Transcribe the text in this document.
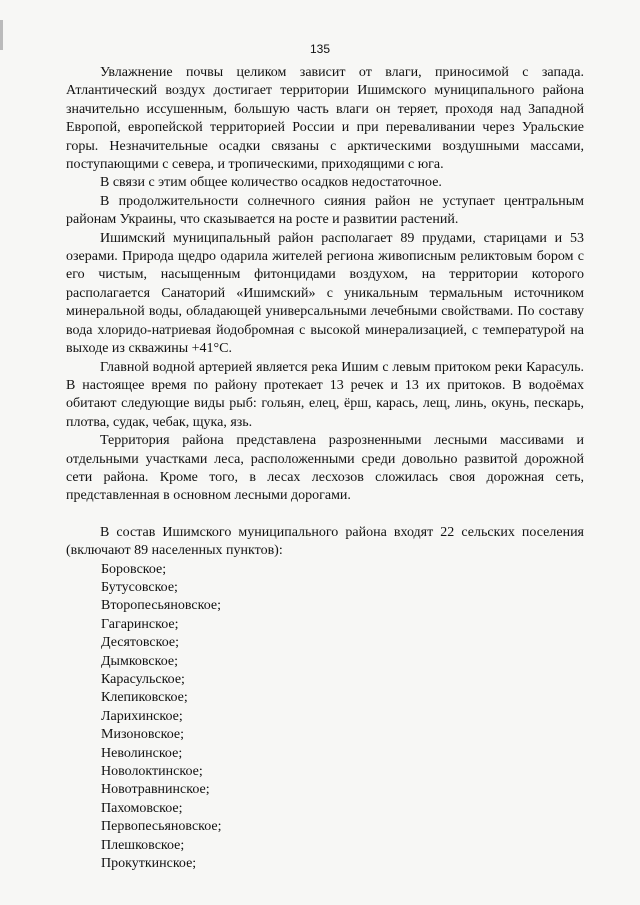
135

Увлажнение почвы целиком зависит от влаги, приносимой с запада. Атлантический воздух достигает территории Ишимского муниципального района значительно иссушенным, большую часть влаги он теряет, проходя над Западной Европой, европейской территорией России и при переваливании через Уральские горы. Незначительные осадки связаны с арктическими воздушными массами, поступающими с севера, и тропическими, приходящими с юга.

В связи с этим общее количество осадков недостаточное.

В продолжительности солнечного сияния район не уступает центральным районам Украины, что сказывается на росте и развитии растений.

Ишимский муниципальный район располагает 89 прудами, старицами и 53 озерами. Природа щедро одарила жителей региона живописным реликтовым бором с его чистым, насыщенным фитонцидами воздухом, на территории которого располагается Санаторий «Ишимский» с уникальным термальным источником минеральной воды, обладающей универсальными лечебными свойствами. По составу вода хлоридо-натриевая йодобромная с высокой минерализацией, с температурой на выходе из скважины +41°С.

Главной водной артерией является река Ишим с левым притоком реки Карасуль. В настоящее время по району протекает 13 речек и 13 их притоков. В водоёмах обитают следующие виды рыб: гольян, елец, ёрш, карась, лещ, линь, окунь, пескарь, плотва, судак, чебак, щука, язь.

Территория района представлена разрозненными лесными массивами и отдельными участками леса, расположенными среди довольно развитой дорожной сети района. Кроме того, в лесах лесхозов сложилась своя дорожная сеть, представленная в основном лесными дорогами.

В состав Ишимского муниципального района входят 22 сельских поселения (включают 89 населенных пунктов):

Боровское;
Бутусовское;
Второпесьяновское;
Гагаринское;
Десятовское;
Дымковское;
Карасульское;
Клепиковское;
Ларихинское;
Мизоновское;
Неволинское;
Новолоктинское;
Новотравнинское;
Пахомовское;
Первопесьяновское;
Плешковское;
Прокуткинское;
